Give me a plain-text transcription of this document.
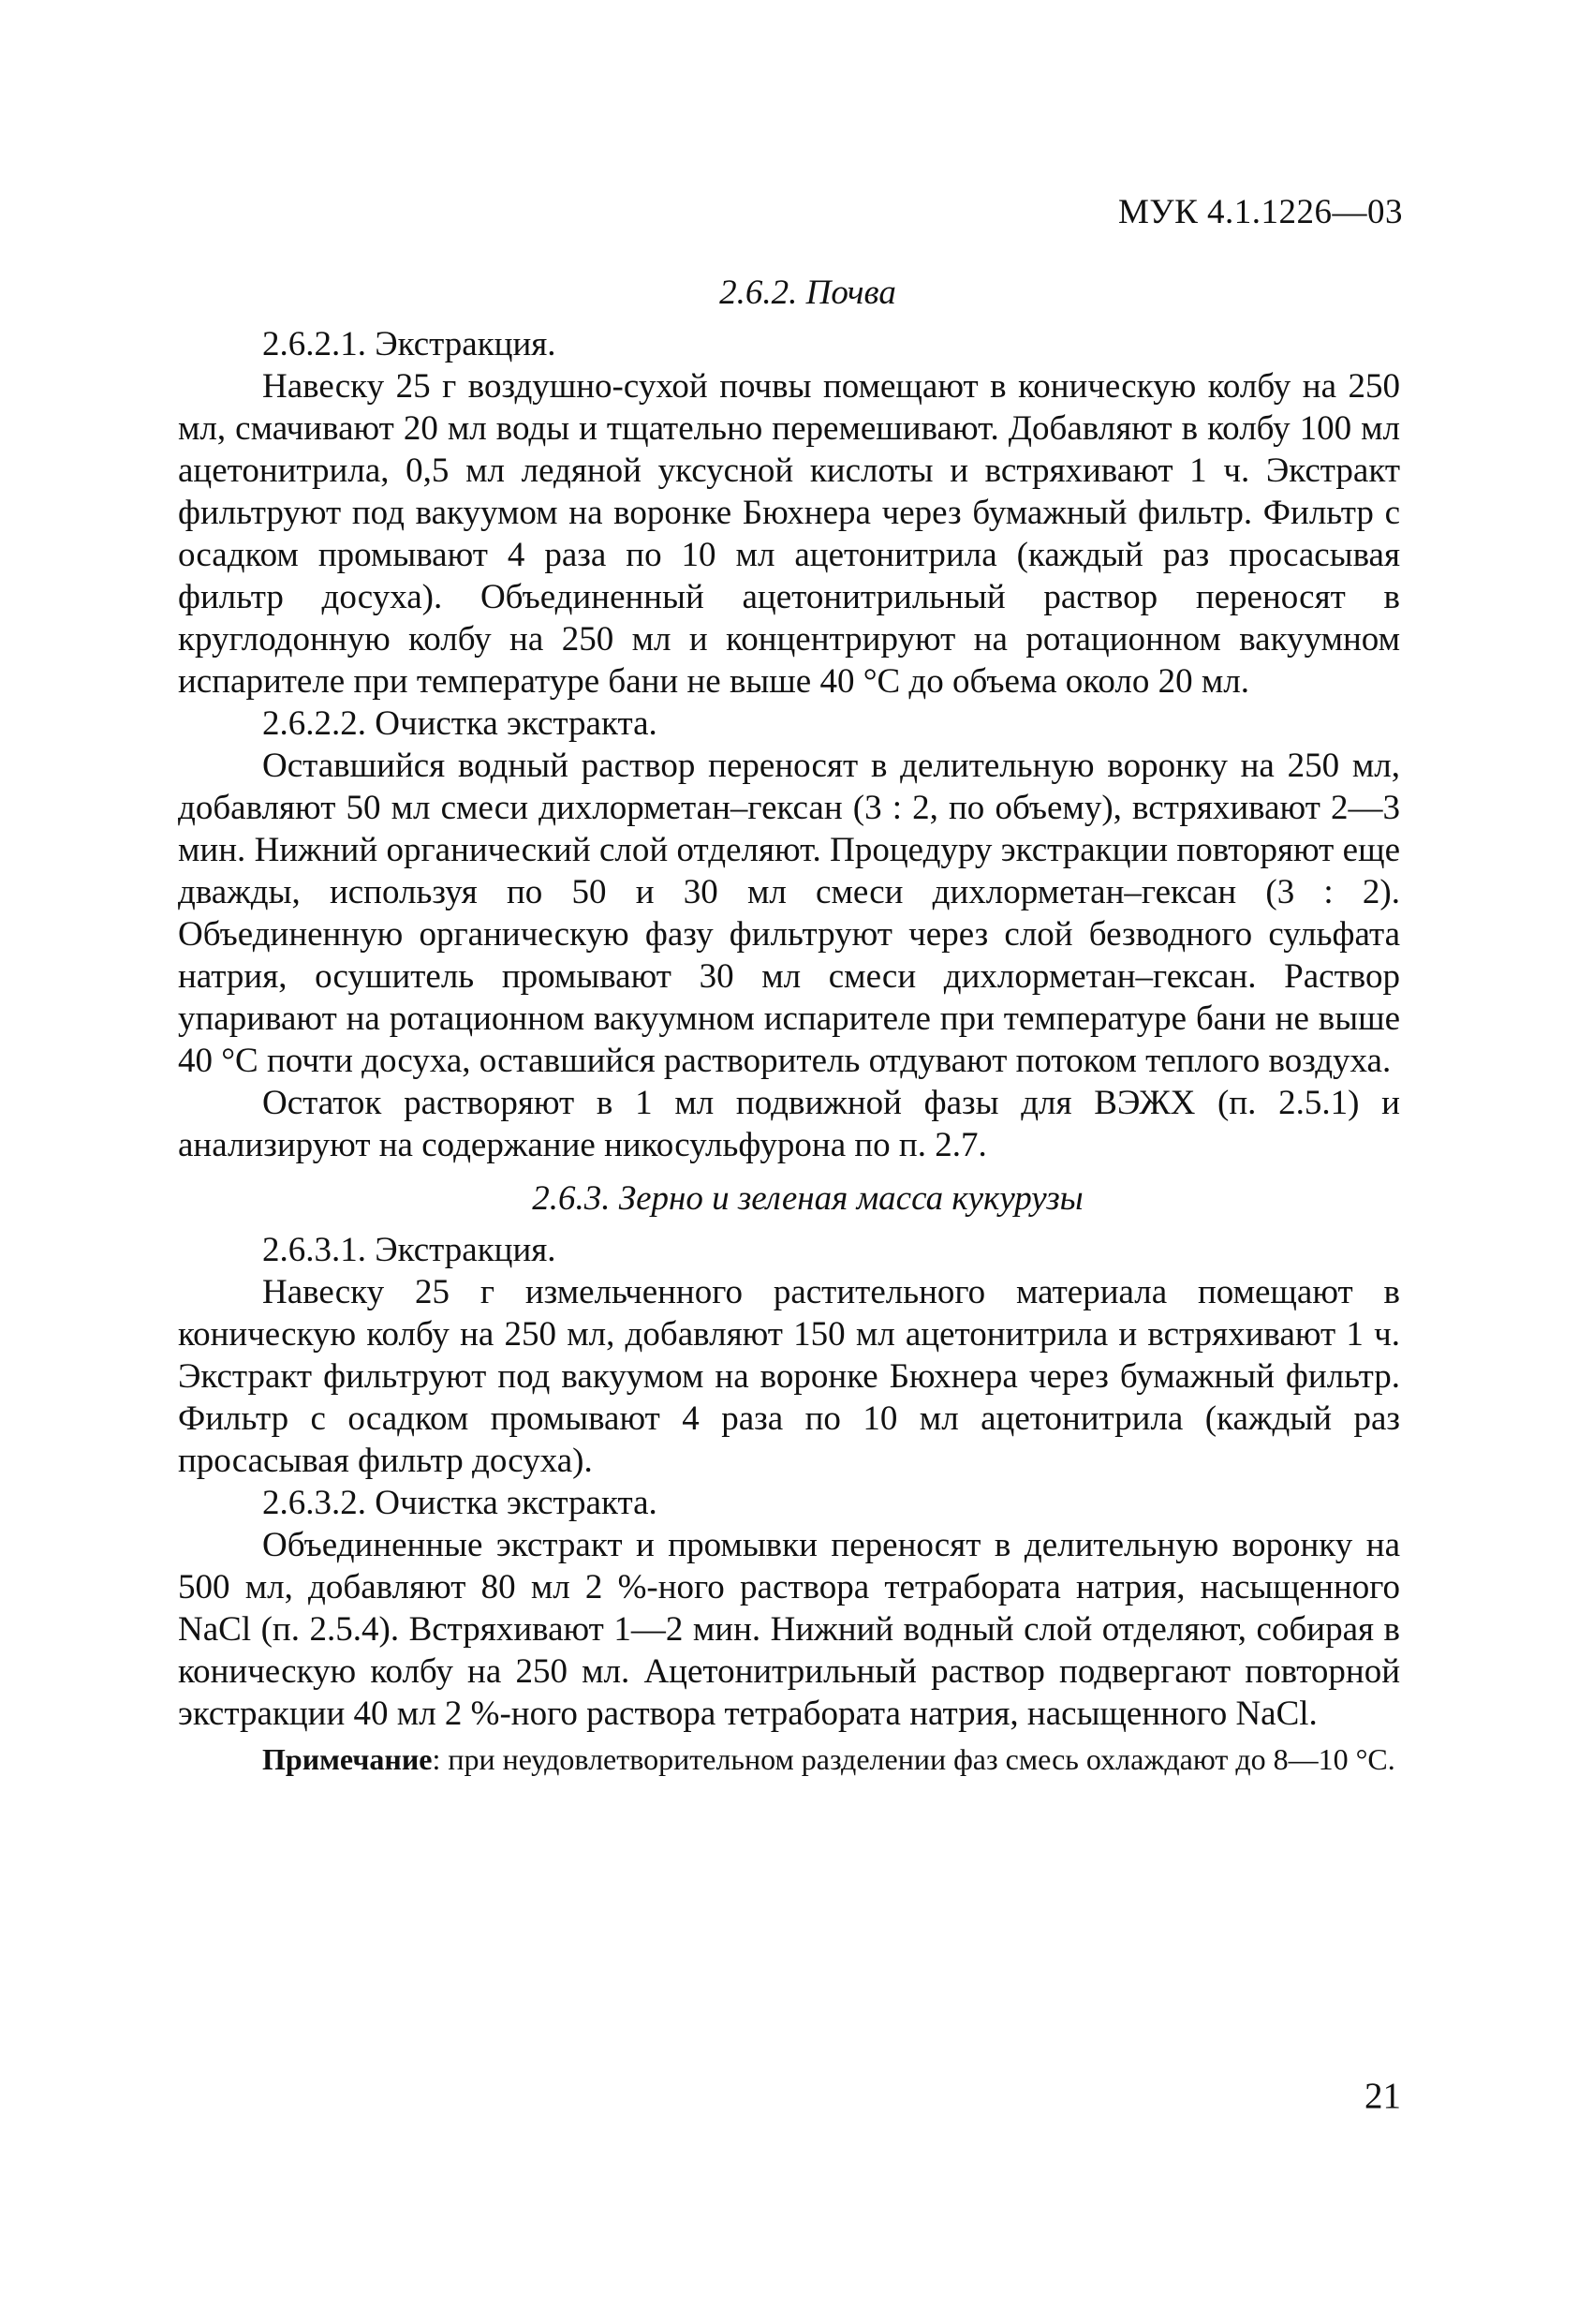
МУК 4.1.1226—03

2.6.2. Почва

2.6.2.1. Экстракция.

Навеску 25 г воздушно-сухой почвы помещают в коническую колбу на 250 мл, смачивают 20 мл воды и тщательно перемешивают. Добавляют в колбу 100 мл ацетонитрила, 0,5 мл ледяной уксусной кислоты и встряхивают 1 ч. Экстракт фильтруют под вакуумом на воронке Бюхнера через бумажный фильтр. Фильтр с осадком промывают 4 раза по 10 мл ацетонитрила (каждый раз просасывая фильтр досуха). Объединенный ацетонитрильный раствор переносят в круглодонную колбу на 250 мл и концентрируют на ротационном вакуумном испарителе при температуре бани не выше 40 °С до объема около 20 мл.

2.6.2.2. Очистка экстракта.

Оставшийся водный раствор переносят в делительную воронку на 250 мл, добавляют 50 мл смеси дихлорметан–гексан (3 : 2, по объему), встряхивают 2—3 мин. Нижний органический слой отделяют. Процедуру экстракции повторяют еще дважды, используя по 50 и 30 мл смеси дихлорметан–гексан (3 : 2). Объединенную органическую фазу фильтруют через слой безводного сульфата натрия, осушитель промывают 30 мл смеси дихлорметан–гексан. Раствор упаривают на ротационном вакуумном испарителе при температуре бани не выше 40 °С почти досуха, оставшийся растворитель отдувают потоком теплого воздуха.

Остаток растворяют в 1 мл подвижной фазы для ВЭЖХ (п. 2.5.1) и анализируют на содержание никосульфурона по п. 2.7.

2.6.3. Зерно и зеленая масса кукурузы

2.6.3.1. Экстракция.

Навеску 25 г измельченного растительного материала помещают в коническую колбу на 250 мл, добавляют 150 мл ацетонитрила и встряхивают 1 ч. Экстракт фильтруют под вакуумом на воронке Бюхнера через бумажный фильтр. Фильтр с осадком промывают 4 раза по 10 мл ацетонитрила (каждый раз просасывая фильтр досуха).

2.6.3.2. Очистка экстракта.

Объединенные экстракт и промывки переносят в делительную воронку на 500 мл, добавляют 80 мл 2 %-ного раствора тетрабората натрия, насыщенного NaCl (п. 2.5.4). Встряхивают 1—2 мин. Нижний водный слой отделяют, собирая в коническую колбу на 250 мл. Ацетонитрильный раствор подвергают повторной экстракции 40 мл 2 %-ного раствора тетрабората натрия, насыщенного NaCl.

Примечание: при неудовлетворительном разделении фаз смесь охлаждают до 8—10 °С.

21
